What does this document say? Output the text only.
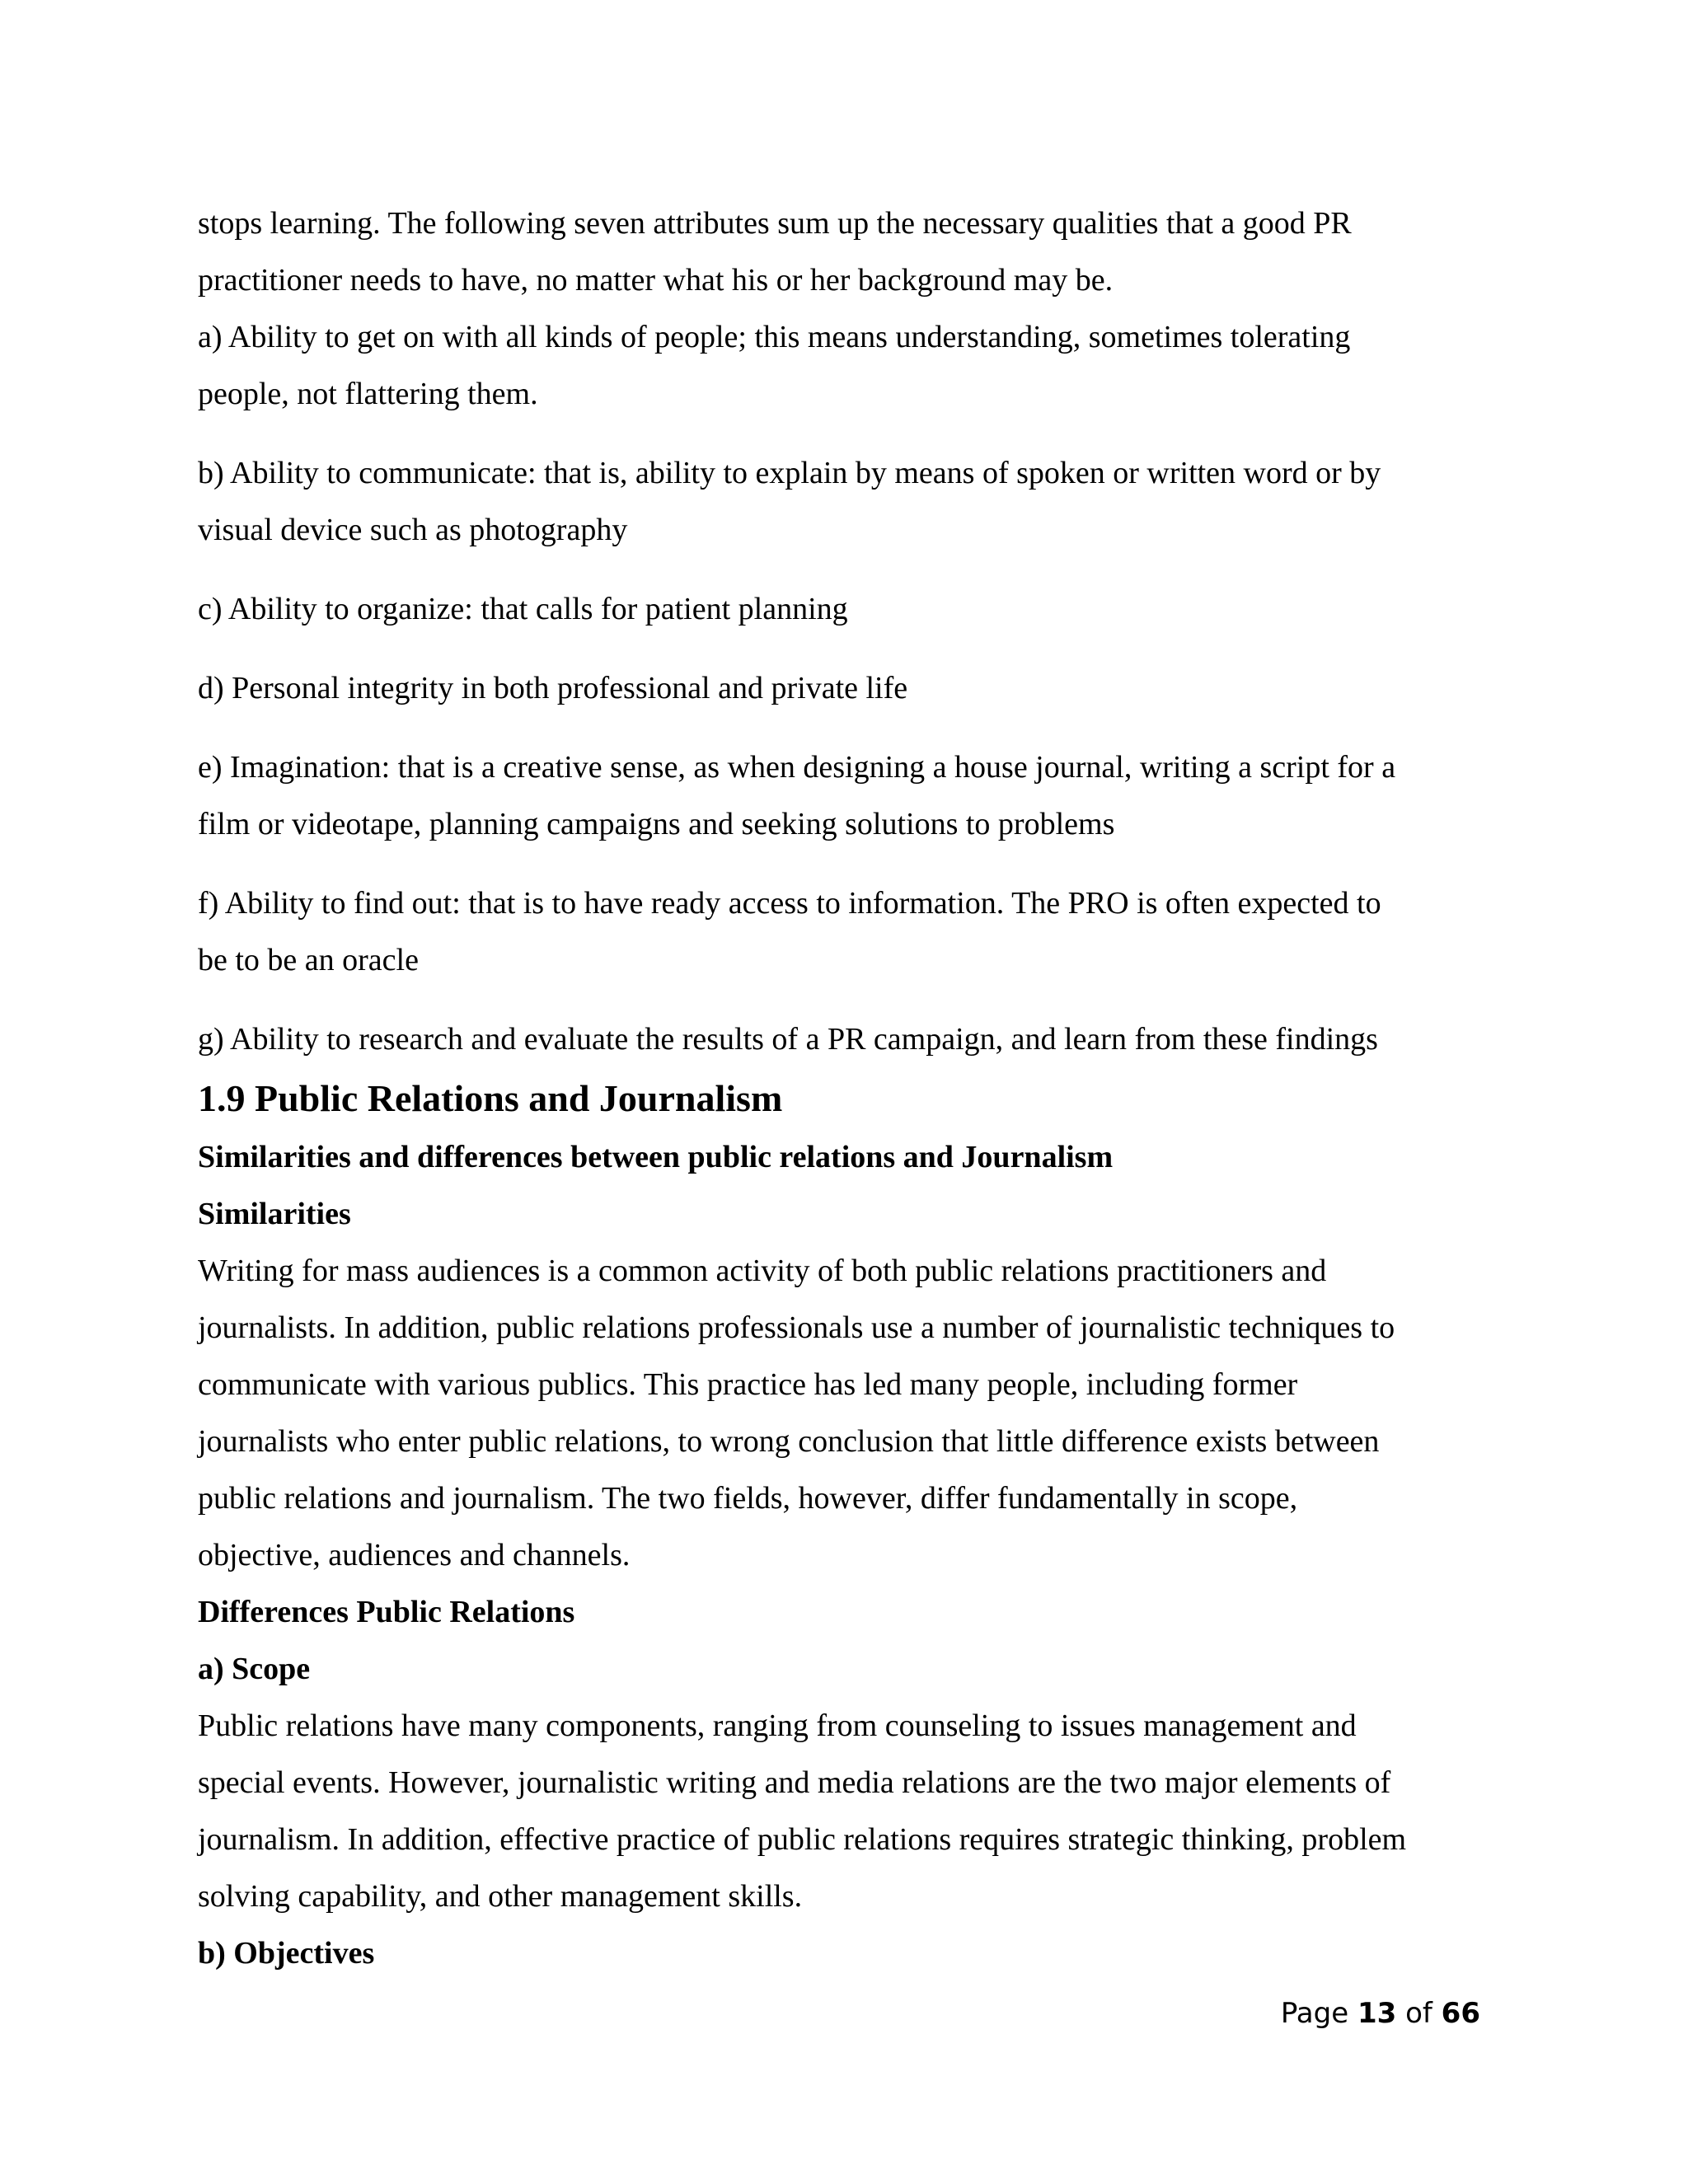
stops learning. The following seven attributes sum up the necessary qualities that a good PR

practitioner needs to have, no matter what his or her background may be.

a) Ability to get on with all kinds of people; this means understanding, sometimes tolerating

people, not flattering them.

b) Ability to communicate: that is, ability to explain by means of spoken or written word or by

visual device such as photography

c) Ability to organize: that calls for patient planning

d) Personal integrity in both professional and private life

e) Imagination: that is a creative sense, as when designing a house journal, writing a script for a

film or videotape, planning campaigns and seeking solutions to problems

f) Ability to find out: that is to have ready access to information. The PRO is often expected to

be to be an oracle

g) Ability to research and evaluate the results of a PR campaign, and learn from these findings

1.9 Public Relations and Journalism
Similarities and differences between public relations and Journalism
Similarities

Writing for mass audiences is a common activity of both public relations practitioners and

journalists. In addition, public relations professionals use a number of journalistic techniques to

communicate with various publics. This practice has led many people, including former

journalists who enter public relations, to wrong conclusion that little difference exists between

public relations and journalism. The two fields, however, differ fundamentally in scope,

objective, audiences and channels.

Differences Public Relations
a) Scope

Public relations have many components, ranging from counseling to issues management and

special events. However, journalistic writing and media relations are the two major elements of

journalism. In addition, effective practice of public relations requires strategic thinking, problem

solving capability, and other management skills.

b) Objectives
Page 13 of 66
